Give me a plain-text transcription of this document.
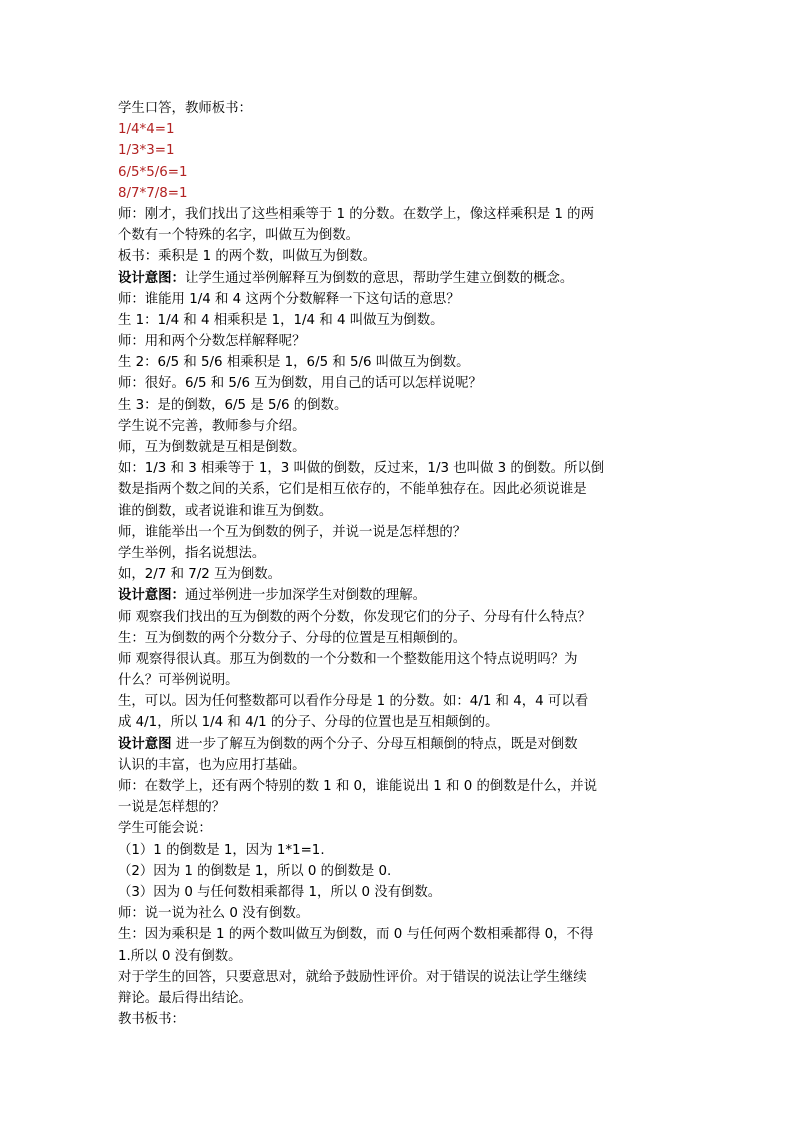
学生口答，教师板书：
1/4*4=1
1/3*3=1
6/5*5/6=1
8/7*7/8=1
师：刚才，我们找出了这些相乘等于 1 的分数。在数学上，像这样乘积是 1 的两
个数有一个特殊的名字，叫做互为倒数。
板书：乘积是 1 的两个数，叫做互为倒数。
设计意图：让学生通过举例解释互为倒数的意思，帮助学生建立倒数的概念。
师：谁能用 1/4 和 4 这两个分数解释一下这句话的意思？
生 1：1/4 和 4 相乘积是 1，1/4 和 4 叫做互为倒数。
师：用和两个分数怎样解释呢？
生 2：6/5 和 5/6 相乘积是 1，6/5 和 5/6 叫做互为倒数。
师：很好。6/5 和 5/6 互为倒数，用自己的话可以怎样说呢？
生 3：是的倒数，6/5 是 5/6 的倒数。
学生说不完善，教师参与介绍。
师，互为倒数就是互相是倒数。
如：1/3 和 3 相乘等于 1，3 叫做的倒数，反过来，1/3 也叫做 3 的倒数。所以倒
数是指两个数之间的关系，它们是相互依存的，不能单独存在。因此必须说谁是
谁的倒数，或者说谁和谁互为倒数。
师，谁能举出一个互为倒数的例子，并说一说是怎样想的？
学生举例，指名说想法。
如，2/7 和 7/2 互为倒数。
设计意图：通过举例进一步加深学生对倒数的理解。
师 观察我们找出的互为倒数的两个分数，你发现它们的分子、分母有什么特点？
生：互为倒数的两个分数分子、分母的位置是互相颠倒的。
师 观察得很认真。那互为倒数的一个分数和一个整数能用这个特点说明吗？为
什么？可举例说明。
生，可以。因为任何整数都可以看作分母是 1 的分数。如：4/1 和 4，4 可以看
成 4/1，所以 1/4 和 4/1 的分子、分母的位置也是互相颠倒的。
设计意图 进一步了解互为倒数的两个分子、分母互相颠倒的特点，既是对倒数
认识的丰富，也为应用打基础。
师：在数学上，还有两个特别的数 1 和 0，谁能说出 1 和 0 的倒数是什么，并说
一说是怎样想的？
学生可能会说：
（1）1 的倒数是 1，因为 1*1=1.
（2）因为 1 的倒数是 1，所以 0 的倒数是 0.
（3）因为 0 与任何数相乘都得 1，所以 0 没有倒数。
师：说一说为社么 0 没有倒数。
生：因为乘积是 1 的两个数叫做互为倒数，而 0 与任何两个数相乘都得 0，不得
1.所以 0 没有倒数。
对于学生的回答，只要意思对，就给予鼓励性评价。对于错误的说法让学生继续
辩论。最后得出结论。
教书板书：
